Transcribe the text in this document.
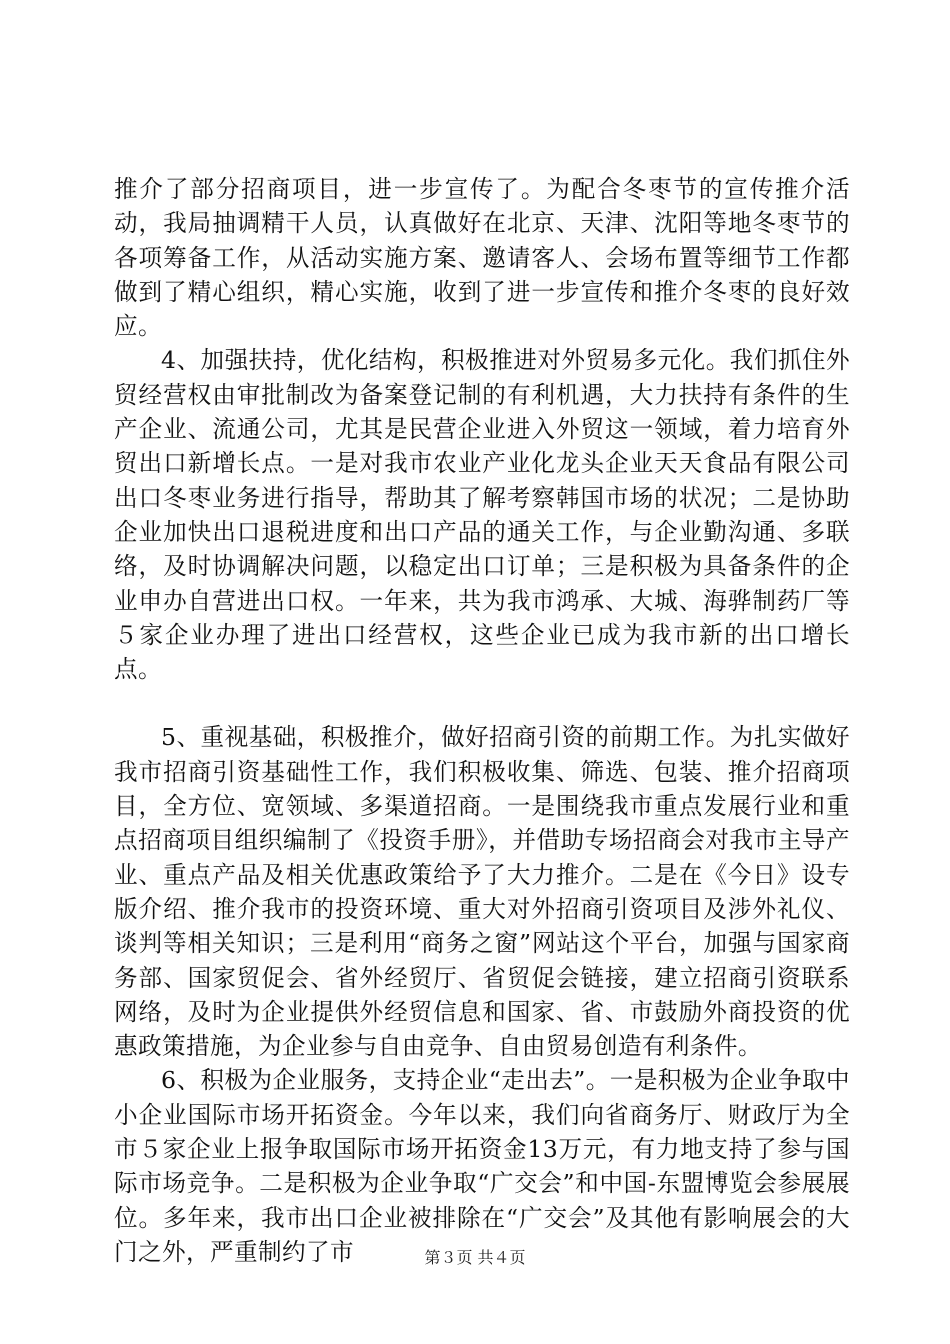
推介了部分招商项目，进一步宣传了。为配合冬枣节的宣传推介活动，我局抽调精干人员，认真做好在北京、天津、沈阳等地冬枣节的各项筹备工作，从活动实施方案、邀请客人、会场布置等细节工作都做到了精心组织，精心实施，收到了进一步宣传和推介冬枣的良好效应。

4、加强扶持，优化结构，积极推进对外贸易多元化。我们抓住外贸经营权由审批制改为备案登记制的有利机遇，大力扶持有条件的生产企业、流通公司，尤其是民营企业进入外贸这一领域，着力培育外贸出口新增长点。一是对我市农业产业化龙头企业天天食品有限公司出口冬枣业务进行指导，帮助其了解考察韩国市场的状况；二是协助企业加快出口退税进度和出口产品的通关工作，与企业勤沟通、多联络，及时协调解决问题，以稳定出口订单；三是积极为具备条件的企业申办自营进出口权。一年来，共为我市鸿承、大城、海骅制药厂等５家企业办理了进出口经营权，这些企业已成为我市新的出口增长点。

5、重视基础，积极推介，做好招商引资的前期工作。为扎实做好我市招商引资基础性工作，我们积极收集、筛选、包装、推介招商项目，全方位、宽领域、多渠道招商。一是围绕我市重点发展行业和重点招商项目组织编制了《投资手册》，并借助专场招商会对我市主导产业、重点产品及相关优惠政策给予了大力推介。二是在《今日》设专版介绍、推介我市的投资环境、重大对外招商引资项目及涉外礼仪、谈判等相关知识；三是利用“商务之窗”网站这个平台，加强与国家商务部、国家贸促会、省外经贸厅、省贸促会链接，建立招商引资联系网络，及时为企业提供外经贸信息和国家、省、市鼓励外商投资的优惠政策措施，为企业参与自由竞争、自由贸易创造有利条件。

6、积极为企业服务，支持企业“走出去”。一是积极为企业争取中小企业国际市场开拓资金。今年以来，我们向省商务厅、财政厅为全市５家企业上报争取国际市场开拓资金13万元，有力地支持了参与国际市场竞争。二是积极为企业争取“广交会”和中国-东盟博览会参展展位。多年来，我市出口企业被排除在“广交会”及其他有影响展会的大门之外，严重制约了市	第３页 共４页
